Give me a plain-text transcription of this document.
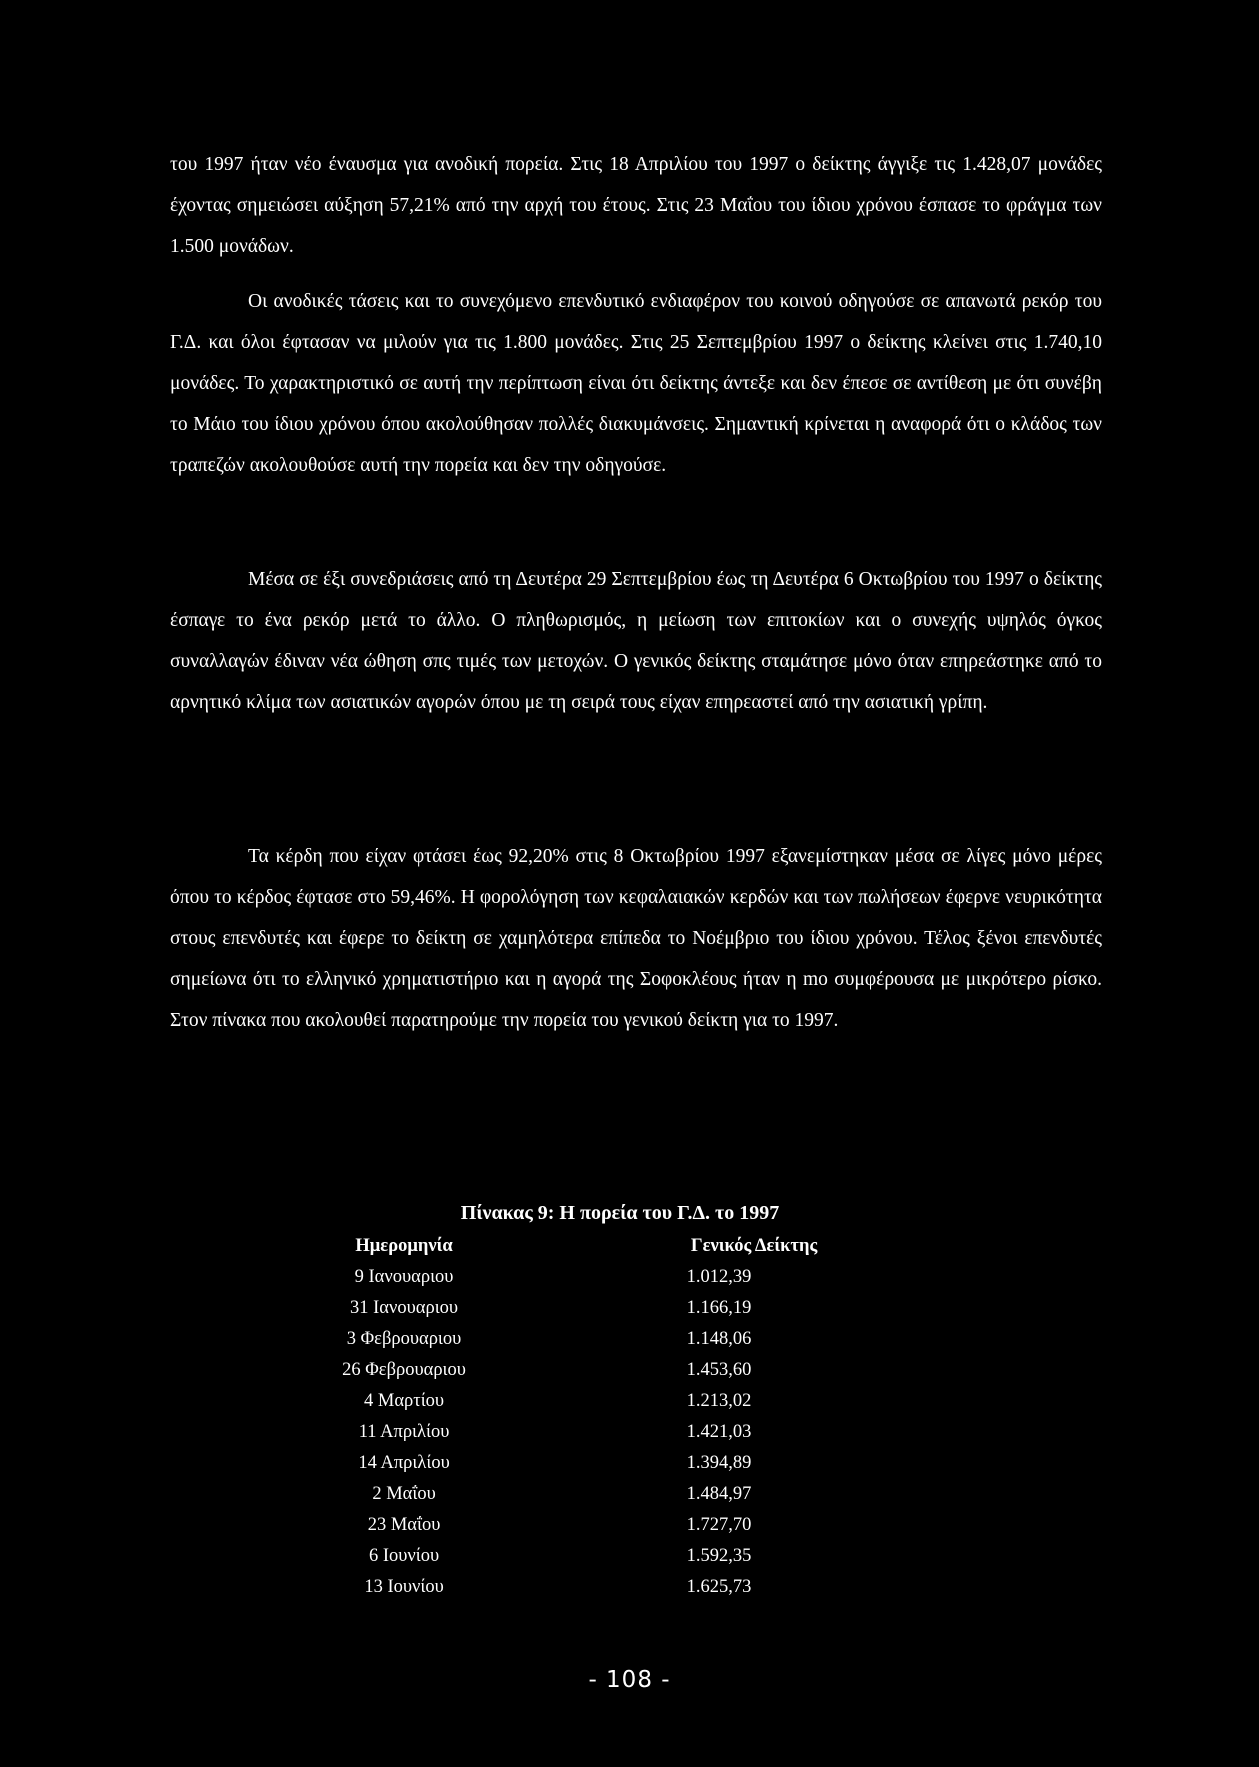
του 1997 ήταν νέο έναυσμα για ανοδική πορεία. Στις 18 Απριλίου του 1997 ο δείκτης άγγιξε τις 1.428,07 μονάδες έχοντας σημειώσει αύξηση 57,21% από την αρχή του έτους. Στις 23 Μαΐου του ίδιου χρόνου έσπασε το φράγμα των 1.500 μονάδων.

Οι ανοδικές τάσεις και το συνεχόμενο επενδυτικό ενδιαφέρον του κοινού οδηγούσε σε απανωτά ρεκόρ του Γ.Δ. και όλοι έφτασαν να μιλούν για τις 1.800 μονάδες. Στις 25 Σεπτεμβρίου 1997 ο δείκτης κλείνει στις 1.740,10 μονάδες. Το χαρακτηριστικό σε αυτή την περίπτωση είναι ότι δείκτης άντεξε και δεν έπεσε σε αντίθεση με ότι συνέβη το Μάιο του ίδιου χρόνου όπου ακολούθησαν πολλές διακυμάνσεις. Σημαντική κρίνεται η αναφορά ότι ο κλάδος των τραπεζών ακολουθούσε αυτή την πορεία και δεν την οδηγούσε.

Μέσα σε έξι συνεδριάσεις από τη Δευτέρα 29 Σεπτεμβρίου έως τη Δευτέρα 6 Οκτωβρίου του 1997 ο δείκτης έσπαγε το ένα ρεκόρ μετά το άλλο. Ο πληθωρισμός, η μείωση των επιτοκίων και ο συνεχής υψηλός όγκος συναλλαγών έδιναν νέα ώθηση σπς τιμές των μετοχών. Ο γενικός δείκτης σταμάτησε μόνο όταν επηρεάστηκε από το αρνητικό κλίμα των ασιατικών αγορών όπου με τη σειρά τους είχαν επηρεαστεί από την ασιατική γρίπη.

Τα κέρδη που είχαν φτάσει έως 92,20% στις 8 Οκτωβρίου 1997 εξανεμίστηκαν μέσα σε λίγες μόνο μέρες όπου το κέρδος έφτασε στο 59,46%. Η φορολόγηση των κεφαλαιακών κερδών και των πωλήσεων έφερνε νευρικότητα στους επενδυτές και έφερε το δείκτη σε χαμηλότερα επίπεδα το Νοέμβριο του ίδιου χρόνου. Τέλος ξένοι επενδυτές σημείωνα ότι το ελληνικό χρηματιστήριο και η αγορά της Σοφοκλέους ήταν η mo συμφέρουσα με μικρότερο ρίσκο. Στον πίνακα που ακολουθεί παρατηρούμε την πορεία του γενικού δείκτη για το 1997.

Πίνακας 9: Η πορεία του Γ.Δ. το 1997
Ημερομηνία	Γενικός Δείκτης
9 Ιανουαριου	1.012,39
31 Ιανουαριου	1.166,19
3 Φεβρουαριου	1.148,06
26 Φεβρουαριου	1.453,60
4 Μαρτίου	1.213,02
11 Απριλίου	1.421,03
14 Απριλίου	1.394,89
2 Μαΐου	1.484,97
23 Μαΐου	1.727,70
6 Ιουνίου	1.592,35
13 Ιουνίου	1.625,73
- 108 -
